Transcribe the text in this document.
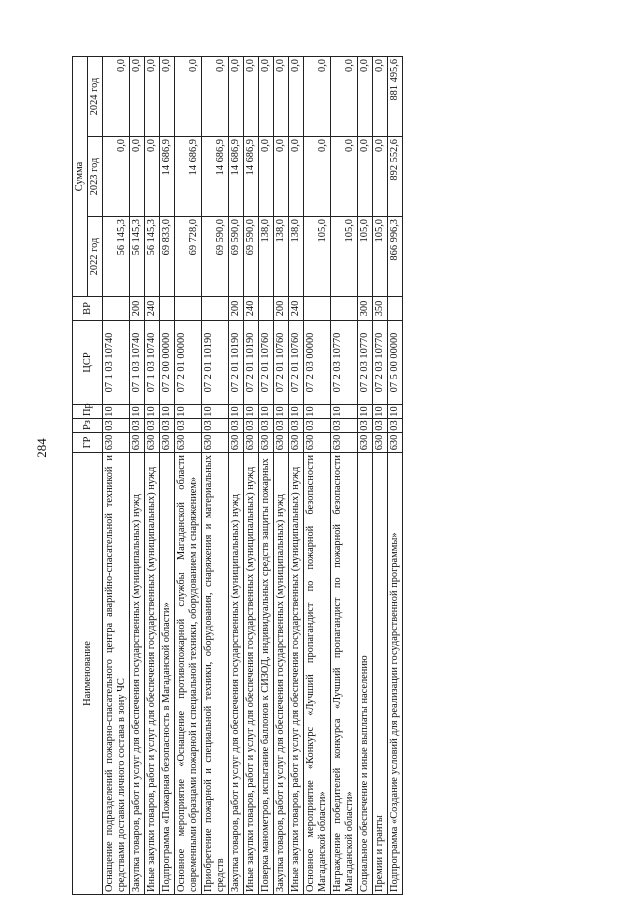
284
Наименование	ГР	Рз	Пр	ЦСР	ВР	Сумма		
						2022 год	2023 год	2024 год
Оснащение подразделений пожарно-спасательного центра аварийно-спасательной техникой и средствами доставки личного состава в зону ЧС	630	03	10	07 1 03 10740		56 145,3	0,0	0,0
Закупка товаров, работ и услуг для обеспечения государственных (муниципальных) нужд	630	03	10	07 1 03 10740	200	56 145,3	0,0	0,0
Иные закупки товаров, работ и услуг для обеспечения государственных (муниципальных) нужд	630	03	10	07 1 03 10740	240	56 145,3	0,0	0,0
Подпрограмма «Пожарная безопасность в Магаданской области»	630	03	10	07 2 00 00000		69 833,0	14 686,9	0,0
Основное мероприятие «Оснащение противопожарной службы Магаданской области современными образцами пожарной и специальной техники, оборудованием и снаряжением»	630	03	10	07 2 01 00000		69 728,0	14 686,9	0,0
Приобретение пожарной и специальной техники, оборудования, снаряжения и материальных средств	630	03	10	07 2 01 10190		69 590,0	14 686,9	0,0
Закупка товаров, работ и услуг для обеспечения государственных (муниципальных) нужд	630	03	10	07 2 01 10190	200	69 590,0	14 686,9	0,0
Иные закупки товаров, работ и услуг для обеспечения государственных (муниципальных) нужд	630	03	10	07 2 01 10190	240	69 590,0	14 686,9	0,0
Поверка манометров, испытание баллонов к СИЗОД, индивидуальных средств защиты пожарных	630	03	10	07 2 01 10760		138,0	0,0	0,0
Закупка товаров, работ и услуг для обеспечения государственных (муниципальных) нужд	630	03	10	07 2 01 10760	200	138,0	0,0	0,0
Иные закупки товаров, работ и услуг для обеспечения государственных (муниципальных) нужд	630	03	10	07 2 01 10760	240	138,0	0,0	0,0
Основное мероприятие «Конкурс «Лучший пропагандист по пожарной безопасности Магаданской области»	630	03	10	07 2 03 00000		105,0	0,0	0,0
Награждение победителей конкурса «Лучший пропагандист по пожарной безопасности Магаданской области»	630	03	10	07 2 03 10770		105,0	0,0	0,0
Социальное обеспечение и иные выплаты населению	630	03	10	07 2 03 10770	300	105,0	0,0	0,0
Премии и гранты	630	03	10	07 2 03 10770	350	105,0	0,0	0,0
Подпрограмма «Создание условий для реализации государственной программы»	630	03	10	07 5 00 00000		866 996,3	892 552,6	881 495,6
